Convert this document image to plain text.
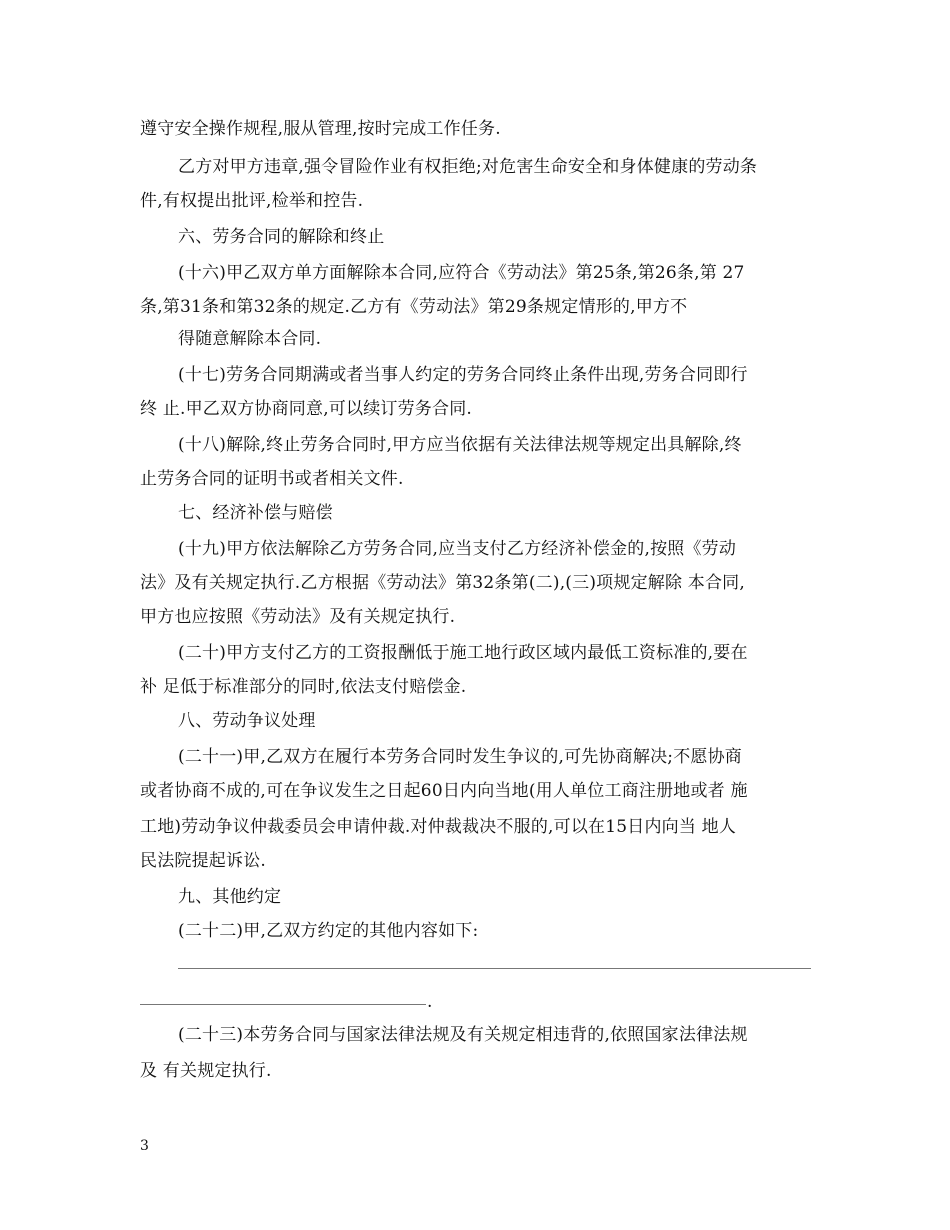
遵守安全操作规程,服从管理,按时完成工作任务.
乙方对甲方违章,强令冒险作业有权拒绝;对危害生命安全和身体健康的劳动条
件,有权提出批评,检举和控告.
六、劳务合同的解除和终止
(十六)甲乙双方单方面解除本合同,应符合《劳动法》第25条,第26条,第 27
条,第31条和第32条的规定.乙方有《劳动法》第29条规定情形的,甲方不
得随意解除本合同.
(十七)劳务合同期满或者当事人约定的劳务合同终止条件出现,劳务合同即行
终 止.甲乙双方协商同意,可以续订劳务合同.
(十八)解除,终止劳务合同时,甲方应当依据有关法律法规等规定出具解除,终
止劳务合同的证明书或者相关文件.
七、经济补偿与赔偿
(十九)甲方依法解除乙方劳务合同,应当支付乙方经济补偿金的,按照《劳动
法》及有关规定执行.乙方根据《劳动法》第32条第(二),(三)项规定解除 本合同,
甲方也应按照《劳动法》及有关规定执行.
(二十)甲方支付乙方的工资报酬低于施工地行政区域内最低工资标准的,要在
补 足低于标准部分的同时,依法支付赔偿金.
八、劳动争议处理
(二十一)甲,乙双方在履行本劳务合同时发生争议的,可先协商解决;不愿协商
或者协商不成的,可在争议发生之日起60日内向当地(用人单位工商注册地或者 施
工地)劳动争议仲裁委员会申请仲裁.对仲裁裁决不服的,可以在15日内向当 地人
民法院提起诉讼.
九、其他约定
(二十二)甲,乙双方约定的其他内容如下:
.
(二十三)本劳务合同与国家法律法规及有关规定相违背的,依照国家法律法规
及 有关规定执行.
3
